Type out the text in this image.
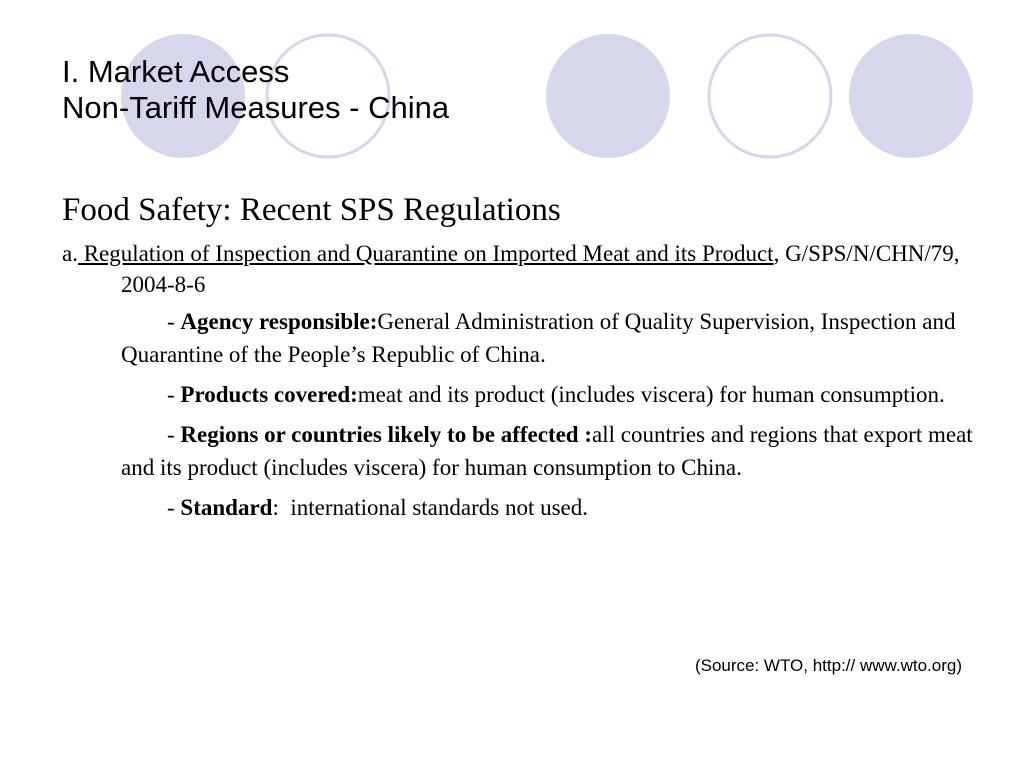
I. Market Access
Non-Tariff Measures - China
Food Safety: Recent SPS Regulations
a. Regulation of Inspection and Quarantine on Imported Meat and its Product, G/SPS/N/CHN/79, 2004-8-6
- Agency responsible:General Administration of Quality Supervision, Inspection and Quarantine of the People’s Republic of China.
- Products covered:meat and its product (includes viscera) for human consumption.
- Regions or countries likely to be affected :all countries and regions that export meat and its product (includes viscera) for human consumption to China.
- Standard:  international standards not used.
(Source: WTO, http:// www.wto.org)
